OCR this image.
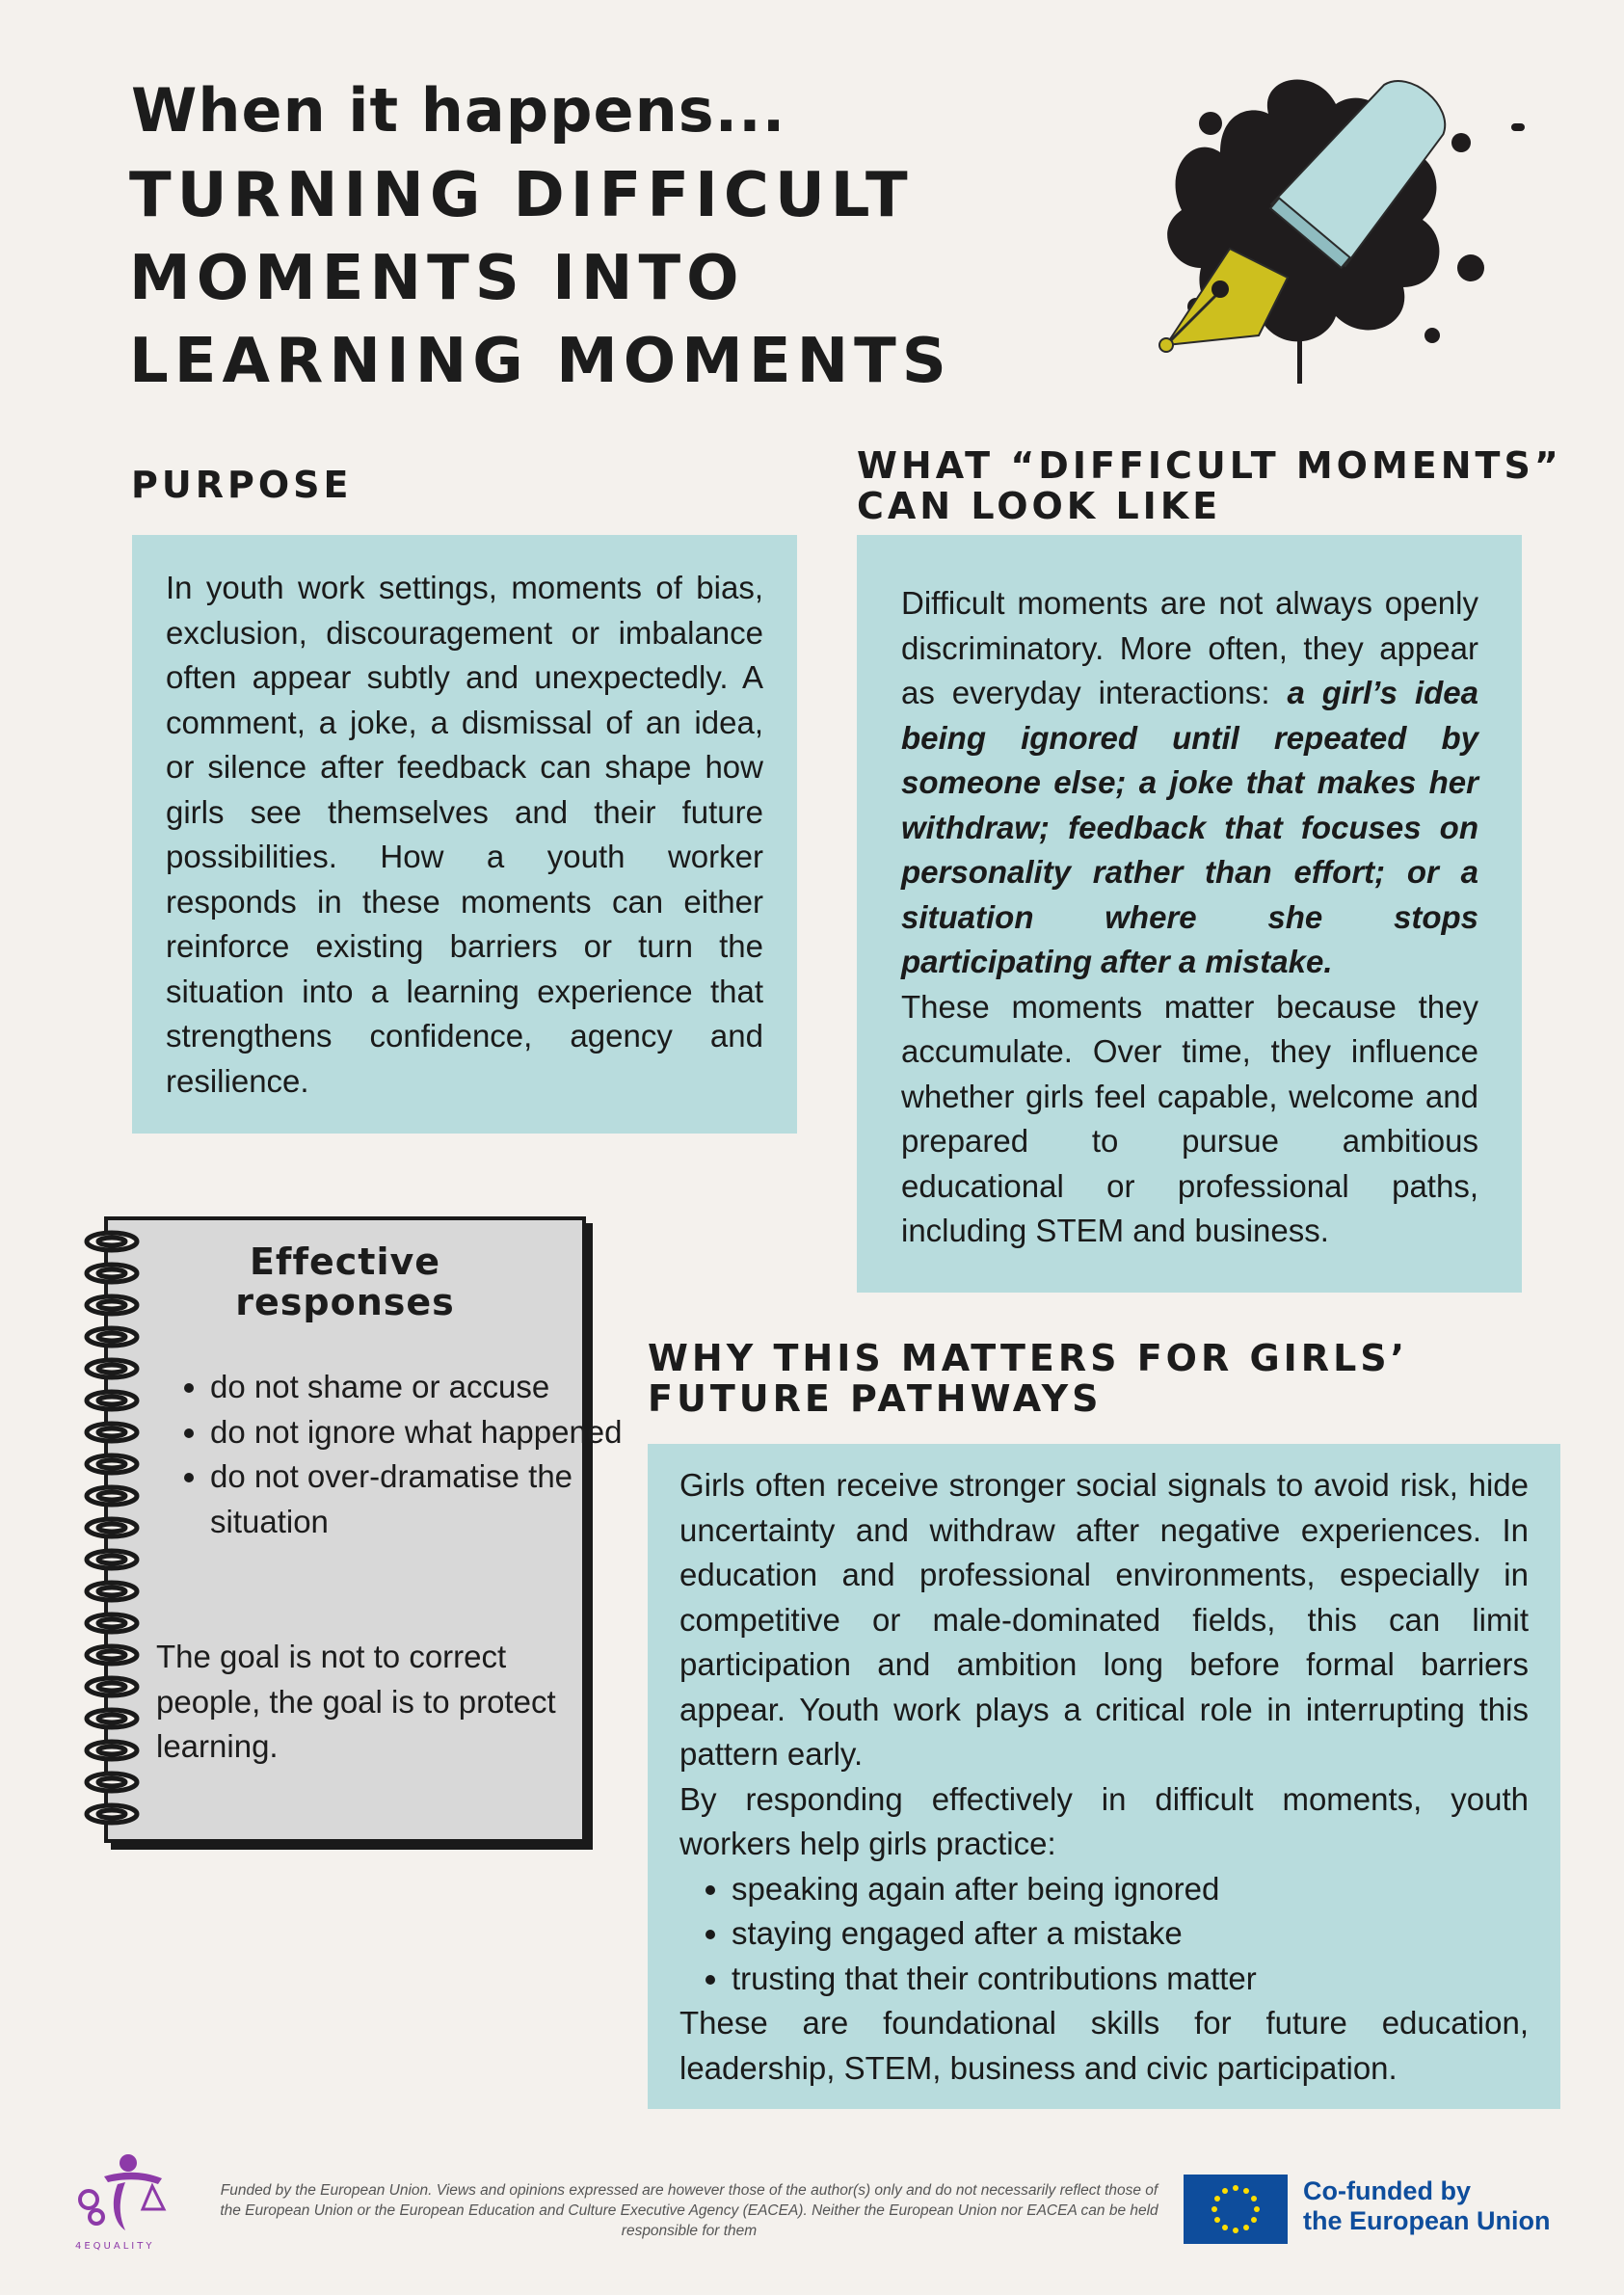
When it happens...
TURNING DIFFICULT MOMENTS INTO LEARNING MOMENTS
PURPOSE

In youth work settings, moments of bias, exclusion, discouragement or imbalance often appear subtly and unexpectedly. A comment, a joke, a dismissal of an idea, or silence after feedback can shape how girls see themselves and their future possibilities. How a youth worker responds in these moments can either reinforce existing barriers or turn the situation into a learning experience that strengthens confidence, agency and resilience.

WHAT “DIFFICULT MOMENTS”
CAN LOOK LIKE

Difficult moments are not always openly discriminatory. More often, they appear as everyday interactions: a girl’s idea being ignored until repeated by someone else; a joke that makes her withdraw; feedback that focuses on personality rather than effort; or a situation where she stops participating after a mistake.

These moments matter because they accumulate. Over time, they influence whether girls feel capable, welcome and prepared to pursue ambitious educational or professional paths, including STEM and business.

Effective
responses
• do not shame or accuse
• do not ignore what happened
• do not over-dramatise the situation

The goal is not to correct people, the goal is to protect learning.

WHY THIS MATTERS FOR GIRLS’
FUTURE PATHWAYS

Girls often receive stronger social signals to avoid risk, hide uncertainty and withdraw after negative experiences. In education and professional environments, especially in competitive or male-dominated fields, this can limit participation and ambition long before formal barriers appear. Youth work plays a critical role in interrupting this pattern early.

By responding effectively in difficult moments, youth workers help girls practice:

• speaking again after being ignored
• staying engaged after a mistake
• trusting that their contributions matter

These are foundational skills for future education, leadership, STEM, business and civic participation.

4EQUALITY
Funded by the European Union. Views and opinions expressed are however those of the author(s) only and do not necessarily reflect those of the European Union or the European Education and Culture Executive Agency (EACEA). Neither the European Union nor EACEA can be held responsible for them
Co-funded by
the European Union
